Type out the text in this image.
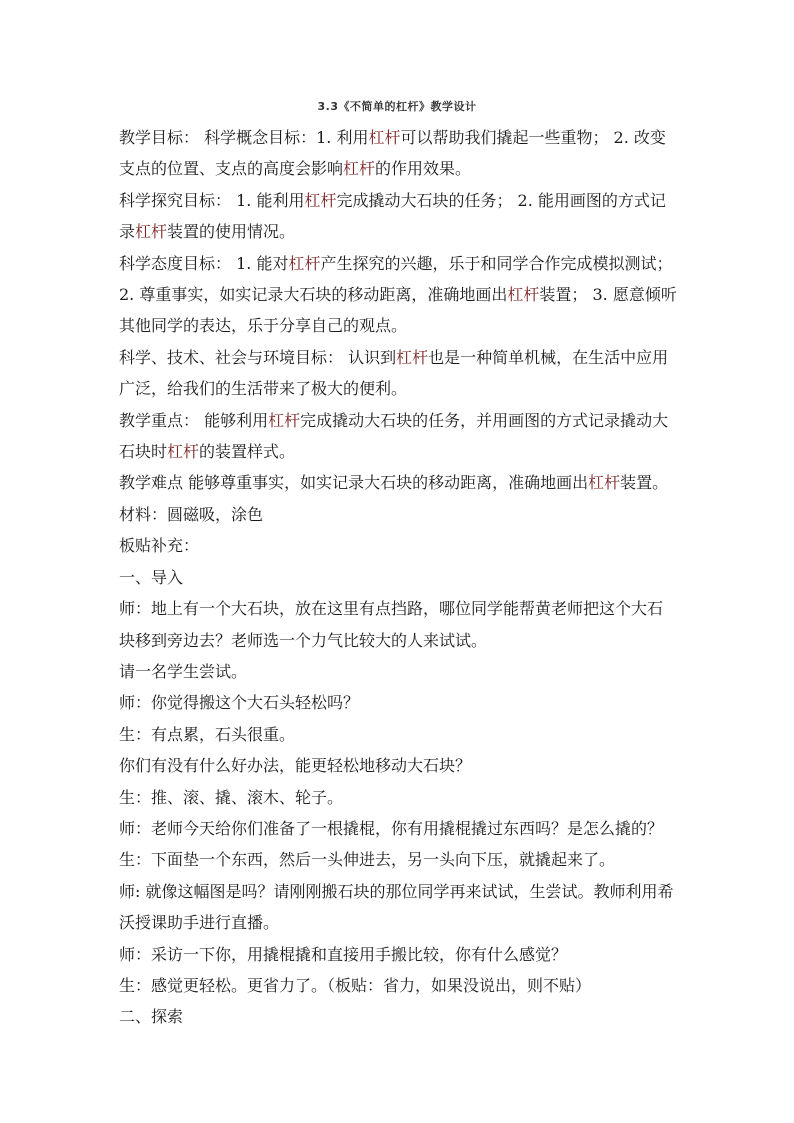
3.3《不简单的杠杆》教学设计

教学目标： 科学概念目标：1. 利用杠杆可以帮助我们撬起一些重物； 2. 改变支点的位置、支点的高度会影响杠杆的作用效果。

科学探究目标： 1. 能利用杠杆完成撬动大石块的任务； 2. 能用画图的方式记录杠杆装置的使用情况。

科学态度目标： 1. 能对杠杆产生探究的兴趣，乐于和同学合作完成模拟测试； 2. 尊重事实，如实记录大石块的移动距离，准确地画出杠杆装置； 3. 愿意倾听其他同学的表达，乐于分享自己的观点。

科学、技术、社会与环境目标： 认识到杠杆也是一种简单机械，在生活中应用广泛，给我们的生活带来了极大的便利。

教学重点： 能够利用杠杆完成撬动大石块的任务，并用画图的方式记录撬动大石块时杠杆的装置样式。

教学难点 能够尊重事实，如实记录大石块的移动距离，准确地画出杠杆装置。

材料：圆磁吸，涂色

板贴补充：

一、导入

师：地上有一个大石块，放在这里有点挡路，哪位同学能帮黄老师把这个大石块移到旁边去？老师选一个力气比较大的人来试试。

请一名学生尝试。

师：你觉得搬这个大石头轻松吗？

生：有点累，石头很重。

你们有没有什么好办法，能更轻松地移动大石块？

生：推、滚、撬、滚木、轮子。

师：老师今天给你们准备了一根撬棍，你有用撬棍撬过东西吗？是怎么撬的？

生：下面垫一个东西，然后一头伸进去，另一头向下压，就撬起来了。

师: 就像这幅图是吗？请刚刚搬石块的那位同学再来试试，生尝试。教师利用希沃授课助手进行直播。

师：采访一下你，用撬棍撬和直接用手搬比较，你有什么感觉？

生：感觉更轻松。更省力了。（板贴：省力，如果没说出，则不贴）

二、探索
